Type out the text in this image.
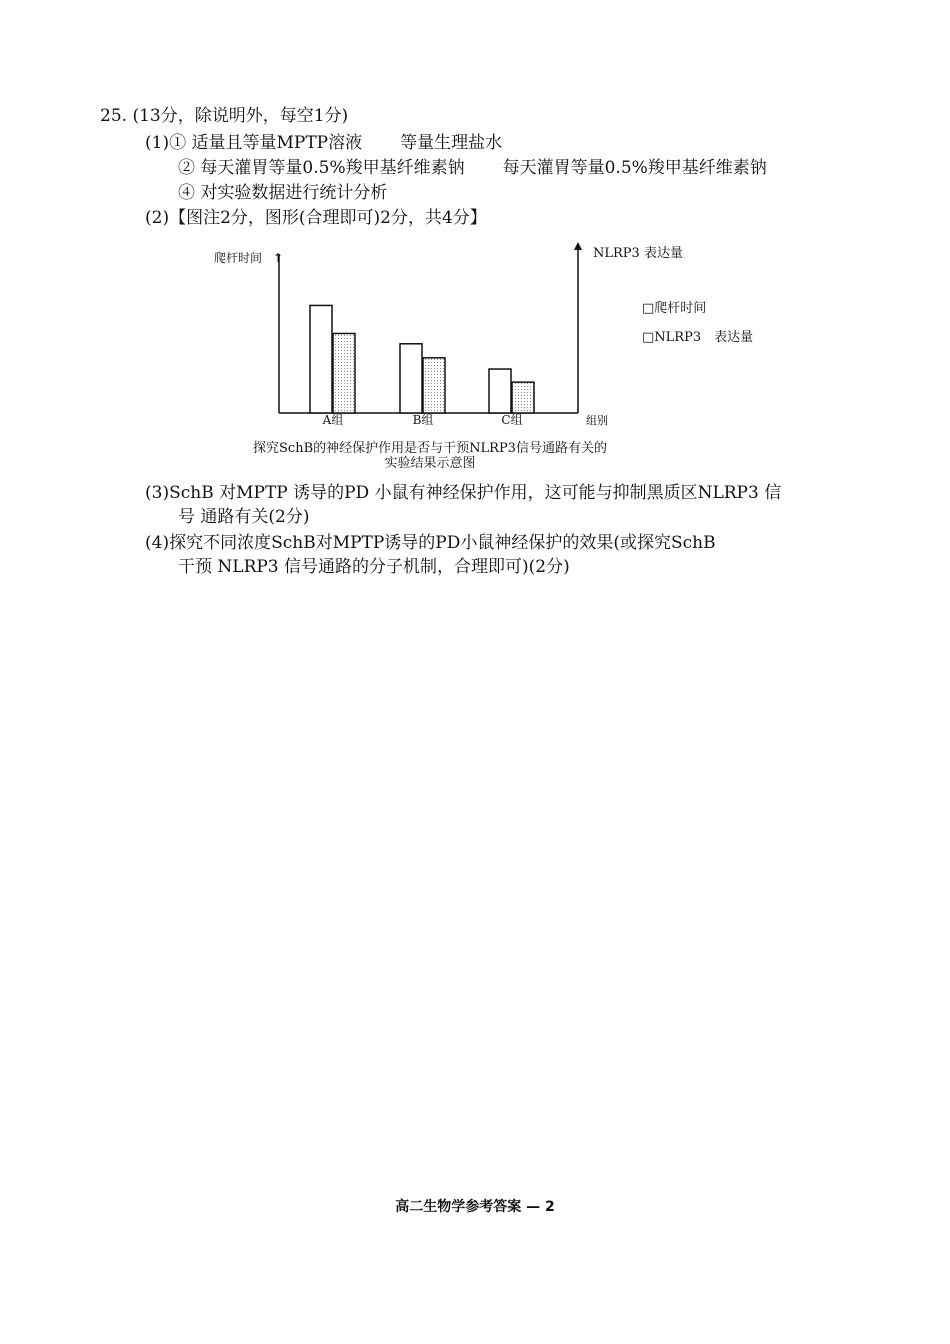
25. (13分，除说明外，每空1分)
(1)① 适量且等量MPTP溶液 等量生理盐水
② 每天灌胃等量0.5%羧甲基纤维素钠 每天灌胃等量0.5%羧甲基纤维素钠
④ 对实验数据进行统计分析
(2)【图注2分，图形(合理即可)2分，共4分】
爬杆时间 ↑	NLRP3 表达量
组别
□爬杆时间
□NLRP3　表达量
A组	B组	C组
探究SchB的神经保护作用是否与干预NLRP3信号通路有关的
实验结果示意图
(3)SchB 对MPTP 诱导的PD 小鼠有神经保护作用，这可能与抑制黑质区NLRP3 信
号 通路有关(2分)
(4)探究不同浓度SchB对MPTP诱导的PD小鼠神经保护的效果(或探究SchB
干预 NLRP3 信号通路的分子机制，合理即可)(2分)
高二生物学参考答案 — 2
